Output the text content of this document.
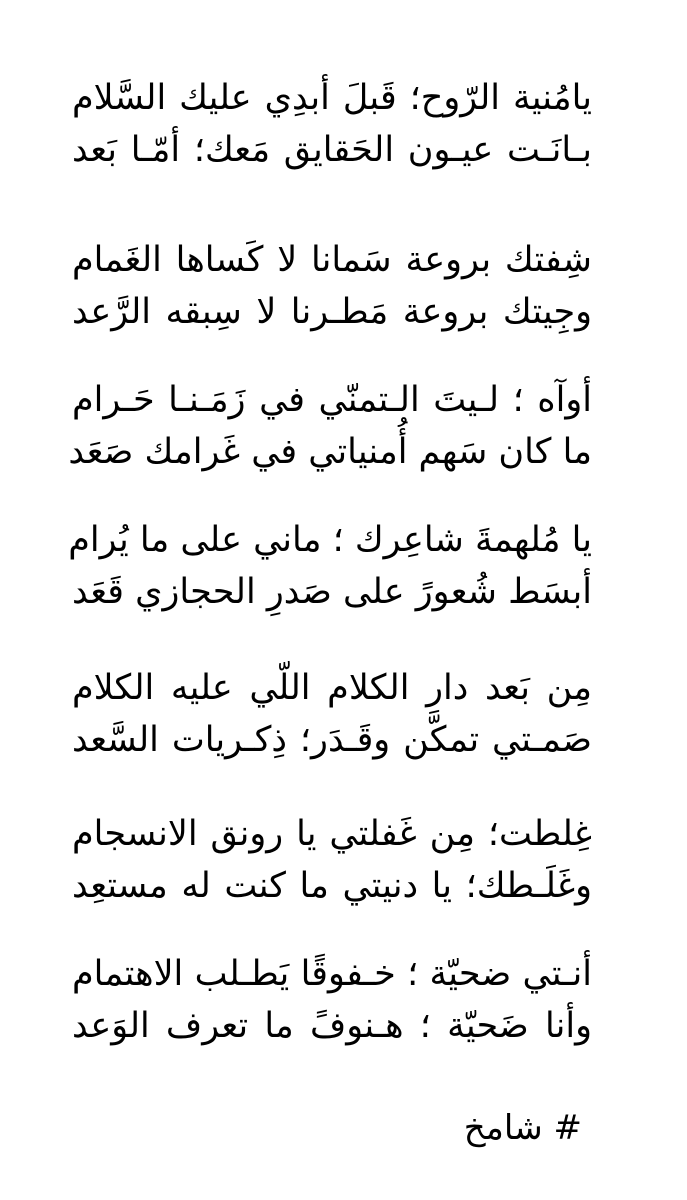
يامُنية الرّوح؛ قَبلَ أبدِي عليك السَّلام
بـانَـت عيـون الحَقايق مَعك؛ أمّـا بَعد
شِفتك بروعة سَمانا لا كَساها الغَمام
وجِيتك بروعة مَطـرنا لا سِبقه الرَّعد
أوآه ؛ لـيتَ الـتمنّي في زَمَـنـا حَـرام
ما كان سَهم أُمنياتي في غَرامك صَعَد
يا مُلهمةَ شاعِرك ؛ ماني على ما يُرام
أبسَط شُعورً على صَدرِ الحجازي قَعَد
مِن بَعد دار الكلام اللّي عليه الكلام
صَمـتي تمكَّن وقَـدَر؛ ذِكـريات السَّعد
غِلطت؛ مِن غَفلتي يا رونق الانسجام
وغَلَـطك؛ يا دنيتي ما كنت له مستعِد
أنـتي ضحيّة ؛ خـفوقًا يَطـلب الاهتمام
وأنا ضَحيّة ؛ هـنوفً ما تعرف الوَعد
# شامخ
